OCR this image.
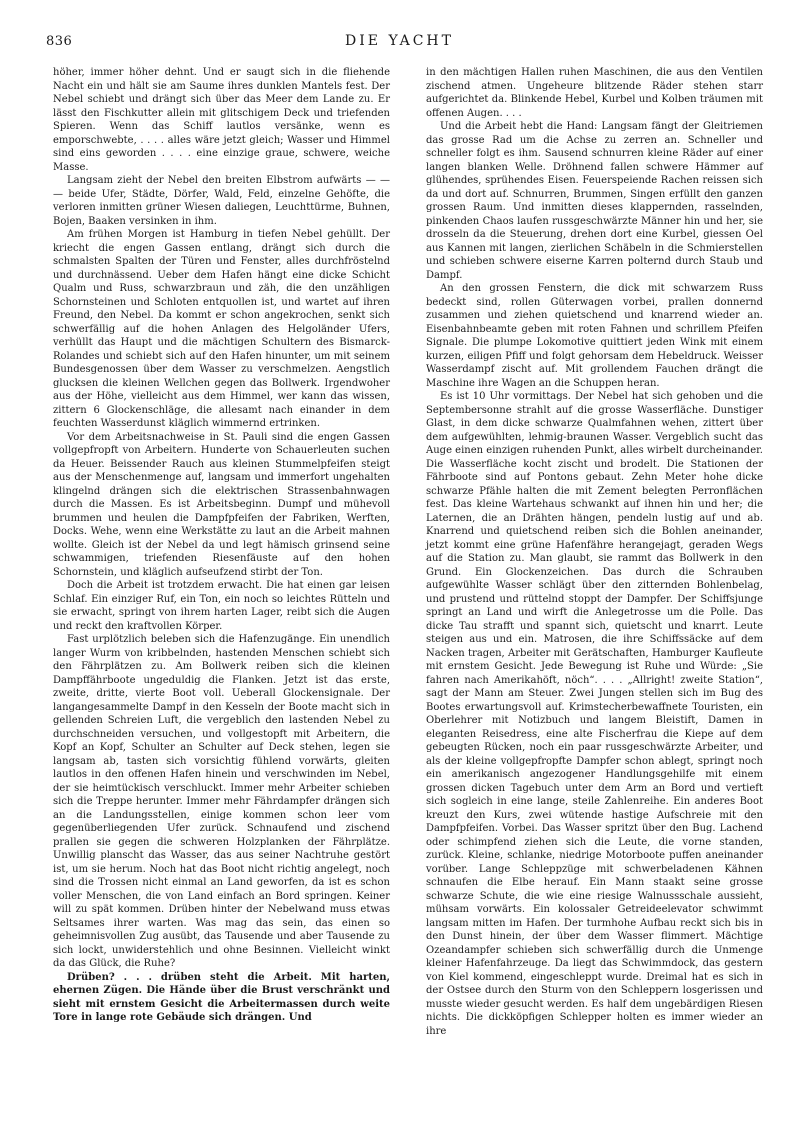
836	DIE YACHT

höher, immer höher dehnt. Und er saugt sich in die fliehende Nacht ein und hält sie am Saume ihres dunklen Mantels fest. Der Nebel schiebt und drängt sich über das Meer dem Lande zu. Er lässt den Fischkutter allein mit glitschigem Deck und triefenden Spieren. Wenn das Schiff lautlos versänke, wenn es emporschwebte, . . . . alles wäre jetzt gleich; Wasser und Himmel sind eins geworden . . . . eine einzige graue, schwere, weiche Masse.

Langsam zieht der Nebel den breiten Elbstrom aufwärts — — — beide Ufer, Städte, Dörfer, Wald, Feld, einzelne Gehöfte, die verloren inmitten grüner Wiesen daliegen, Leuchttürme, Buhnen, Bojen, Baaken versinken in ihm.

Am frühen Morgen ist Hamburg in tiefen Nebel gehüllt. Der kriecht die engen Gassen entlang, drängt sich durch die schmalsten Spalten der Türen und Fenster, alles durchfröstelnd und durchnässend. Ueber dem Hafen hängt eine dicke Schicht Qualm und Russ, schwarzbraun und zäh, die den unzähligen Schornsteinen und Schloten entquollen ist, und wartet auf ihren Freund, den Nebel. Da kommt er schon angekrochen, senkt sich schwerfällig auf die hohen Anlagen des Helgoländer Ufers, verhüllt das Haupt und die mächtigen Schultern des Bismarck-Rolandes und schiebt sich auf den Hafen hinunter, um mit seinem Bundesgenossen über dem Wasser zu verschmelzen. Aengstlich glucksen die kleinen Wellchen gegen das Bollwerk. Irgendwoher aus der Höhe, vielleicht aus dem Himmel, wer kann das wissen, zittern 6 Glockenschläge, die allesamt nach einander in dem feuchten Wasserdunst kläglich wimmernd ertrinken.

Vor dem Arbeitsnachweise in St. Pauli sind die engen Gassen vollgepfropft von Arbeitern. Hunderte von Schauerleuten suchen da Heuer. Beissender Rauch aus kleinen Stummelpfeifen steigt aus der Menschenmenge auf, langsam und immerfort ungehalten klingelnd drängen sich die elektrischen Strassenbahnwagen durch die Massen. Es ist Arbeitsbeginn. Dumpf und mühevoll brummen und heulen die Dampfpfeifen der Fabriken, Werften, Docks. Wehe, wenn eine Werkstätte zu laut an die Arbeit mahnen wollte. Gleich ist der Nebel da und legt hämisch grinsend seine schwammigen, triefenden Riesenfäuste auf den hohen Schornstein, und kläglich aufseufzend stirbt der Ton.

Doch die Arbeit ist trotzdem erwacht. Die hat einen gar leisen Schlaf. Ein einziger Ruf, ein Ton, ein noch so leichtes Rütteln und sie erwacht, springt von ihrem harten Lager, reibt sich die Augen und reckt den kraftvollen Körper.

Fast urplötzlich beleben sich die Hafenzugänge. Ein unendlich langer Wurm von kribbelnden, hastenden Menschen schiebt sich den Fährplätzen zu. Am Bollwerk reiben sich die kleinen Dampffährboote ungeduldig die Flanken. Jetzt ist das erste, zweite, dritte, vierte Boot voll. Ueberall Glockensignale. Der langangesammelte Dampf in den Kesseln der Boote macht sich in gellenden Schreien Luft, die vergeblich den lastenden Nebel zu durchschneiden versuchen, und vollgestopft mit Arbeitern, die Kopf an Kopf, Schulter an Schulter auf Deck stehen, legen sie langsam ab, tasten sich vorsichtig fühlend vorwärts, gleiten lautlos in den offenen Hafen hinein und verschwinden im Nebel, der sie heimtückisch verschluckt. Immer mehr Arbeiter schieben sich die Treppe herunter. Immer mehr Fährdampfer drängen sich an die Landungsstellen, einige kommen schon leer vom gegenüberliegenden Ufer zurück. Schnaufend und zischend prallen sie gegen die schweren Holzplanken der Fährplätze. Unwillig planscht das Wasser, das aus seiner Nachtruhe gestört ist, um sie herum. Noch hat das Boot nicht richtig angelegt, noch sind die Trossen nicht einmal an Land geworfen, da ist es schon voller Menschen, die von Land einfach an Bord springen. Keiner will zu spät kommen. Drüben hinter der Nebelwand muss etwas Seltsames ihrer warten. Was mag das sein, das einen so geheimnisvollen Zug ausübt, das Tausende und aber Tausende zu sich lockt, unwiderstehlich und ohne Besinnen. Vielleicht winkt da das Glück, die Ruhe?

Drüben? . . . drüben steht die Arbeit. Mit harten, ehernen Zügen. Die Hände über die Brust verschränkt und sieht mit ernstem Gesicht die Arbeitermassen durch weite Tore in lange rote Gebäude sich drängen. Und

in den mächtigen Hallen ruhen Maschinen, die aus den Ventilen zischend atmen. Ungeheure blitzende Räder stehen starr aufgerichtet da. Blinkende Hebel, Kurbel und Kolben träumen mit offenen Augen. . . .

Und die Arbeit hebt die Hand: Langsam fängt der Gleitriemen das grosse Rad um die Achse zu zerren an. Schneller und schneller folgt es ihm. Sausend schnurren kleine Räder auf einer langen blanken Welle. Dröhnend fallen schwere Hämmer auf glühendes, sprühendes Eisen. Feuerspeiende Rachen reissen sich da und dort auf. Schnurren, Brummen, Singen erfüllt den ganzen grossen Raum. Und inmitten dieses klappernden, rasselnden, pinkenden Chaos laufen russgeschwärzte Männer hin und her, sie drosseln da die Steuerung, drehen dort eine Kurbel, giessen Oel aus Kannen mit langen, zierlichen Schäbeln in die Schmierstellen und schieben schwere eiserne Karren polternd durch Staub und Dampf.

An den grossen Fenstern, die dick mit schwarzem Russ bedeckt sind, rollen Güterwagen vorbei, prallen donnernd zusammen und ziehen quietschend und knarrend wieder an. Eisenbahnbeamte geben mit roten Fahnen und schrillem Pfeifen Signale. Die plumpe Lokomotive quittiert jeden Wink mit einem kurzen, eiligen Pfiff und folgt gehorsam dem Hebeldruck. Weisser Wasserdampf zischt auf. Mit grollendem Fauchen drängt die Maschine ihre Wagen an die Schuppen heran.

Es ist 10 Uhr vormittags. Der Nebel hat sich gehoben und die Septembersonne strahlt auf die grosse Wasserfläche. Dunstiger Glast, in dem dicke schwarze Qualmfahnen wehen, zittert über dem aufgewühlten, lehmig-braunen Wasser. Vergeblich sucht das Auge einen einzigen ruhenden Punkt, alles wirbelt durcheinander. Die Wasserfläche kocht zischt und brodelt. Die Stationen der Fährboote sind auf Pontons gebaut. Zehn Meter hohe dicke schwarze Pfähle halten die mit Zement belegten Perronflächen fest. Das kleine Wartehaus schwankt auf ihnen hin und her; die Laternen, die an Drähten hängen, pendeln lustig auf und ab. Knarrend und quietschend reiben sich die Bohlen aneinander, jetzt kommt eine grüne Hafenfähre herangejagt, geraden Wegs auf die Station zu. Man glaubt, sie rammt das Bollwerk in den Grund. Ein Glockenzeichen. Das durch die Schrauben aufgewühlte Wasser schlägt über den zitternden Bohlenbelag, und prustend und rüttelnd stoppt der Dampfer. Der Schiffsjunge springt an Land und wirft die Anlegetrosse um die Polle. Das dicke Tau strafft und spannt sich, quietscht und knarrt. Leute steigen aus und ein. Matrosen, die ihre Schiffssäcke auf dem Nacken tragen, Arbeiter mit Gerätschaften, Hamburger Kaufleute mit ernstem Gesicht. Jede Bewegung ist Ruhe und Würde: „Sie fahren nach Amerikahöft, nöch“. . . . „Allright! zweite Station“, sagt der Mann am Steuer. Zwei Jungen stellen sich im Bug des Bootes erwartungsvoll auf. Krimstecherbewaffnete Touristen, ein Oberlehrer mit Notizbuch und langem Bleistift, Damen in eleganten Reisedress, eine alte Fischerfrau die Kiepe auf dem gebeugten Rücken, noch ein paar russgeschwärzte Arbeiter, und als der kleine vollgepfropfte Dampfer schon ablegt, springt noch ein amerikanisch angezogener Handlungsgehilfe mit einem grossen dicken Tagebuch unter dem Arm an Bord und vertieft sich sogleich in eine lange, steile Zahlenreihe. Ein anderes Boot kreuzt den Kurs, zwei wütende hastige Aufschreie mit den Dampfpfeifen. Vorbei. Das Wasser spritzt über den Bug. Lachend oder schimpfend ziehen sich die Leute, die vorne standen, zurück. Kleine, schlanke, niedrige Motorboote puffen aneinander vorüber. Lange Schleppzüge mit schwerbeladenen Kähnen schnaufen die Elbe herauf. Ein Mann staakt seine grosse schwarze Schute, die wie eine riesige Walnussschale aussieht, mühsam vorwärts. Ein kolossaler Getreideelevator schwimmt langsam mitten im Hafen. Der turmhohe Aufbau reckt sich bis in den Dunst hinein, der über dem Wasser flimmert. Mächtige Ozeandampfer schieben sich schwerfällig durch die Unmenge kleiner Hafenfahrzeuge. Da liegt das Schwimmdock, das gestern von Kiel kommend, eingeschleppt wurde. Dreimal hat es sich in der Ostsee durch den Sturm von den Schleppern losgerissen und musste wieder gesucht werden. Es half dem ungebärdigen Riesen nichts. Die dickköpfigen Schlepper holten es immer wieder an ihre
